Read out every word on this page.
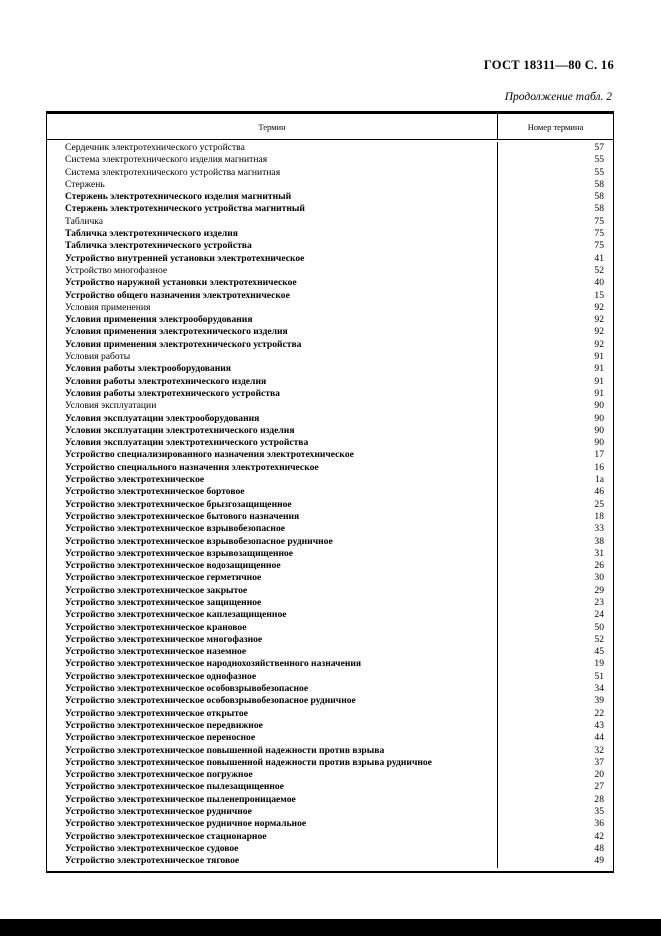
ГОСТ 18311—80 С. 16
Продолжение табл. 2
Термин	Номер термина
Сердечник электротехнического устройства	57
Система электротехнического изделия магнитная	55
Система электротехнического устройства магнитная	55
Стержень	58
Стержень электротехнического изделия магнитный	58
Стержень электротехнического устройства магнитный	58
Табличка	75
Табличка электротехнического изделия	75
Табличка электротехнического устройства	75
Устройство внутренней установки электротехническое	41
Устройство многофазное	52
Устройство наружной установки электротехническое	40
Устройство общего назначения электротехническое	15
Условия применения	92
Условия применения электрооборудования	92
Условия применения электротехнического изделия	92
Условия применения электротехнического устройства	92
Условия работы	91
Условия работы электрооборудования	91
Условия работы электротехнического изделия	91
Условия работы электротехнического устройства	91
Условия эксплуатации	90
Условия эксплуатации электрооборудования	90
Условия эксплуатации электротехнического изделия	90
Условия эксплуатации электротехнического устройства	90
Устройство специализированного назначения электротехническое	17
Устройство специального назначения электротехническое	16
Устройство электротехническое	1а
Устройство электротехническое бортовое	46
Устройство электротехническое брызгозащищенное	25
Устройство электротехническое бытового назначения	18
Устройство электротехническое взрывобезопасное	33
Устройство электротехническое взрывобезопасное рудничное	38
Устройство электротехническое взрывозащищенное	31
Устройство электротехническое водозащищенное	26
Устройство электротехническое герметичное	30
Устройство электротехническое закрытое	29
Устройство электротехническое защищенное	23
Устройство электротехническое каплезащищенное	24
Устройство электротехническое крановое	50
Устройство электротехническое многофазное	52
Устройство электротехническое наземное	45
Устройство электротехническое народнохозяйственного назначения	19
Устройство электротехническое однофазное	51
Устройство электротехническое особовзрывобезопасное	34
Устройство электротехническое особовзрывобезопасное рудничное	39
Устройство электротехническое открытое	22
Устройство электротехническое передвижное	43
Устройство электротехническое переносное	44
Устройство электротехническое повышенной надежности против взрыва	32
Устройство электротехническое повышенной надежности против взрыва рудничное	37
Устройство электротехническое погружное	20
Устройство электротехническое пылезащищенное	27
Устройство электротехническое пыленепроницаемое	28
Устройство электротехническое рудничное	35
Устройство электротехническое рудничное нормальное	36
Устройство электротехническое стационарное	42
Устройство электротехническое судовое	48
Устройство электротехническое тяговое	49
